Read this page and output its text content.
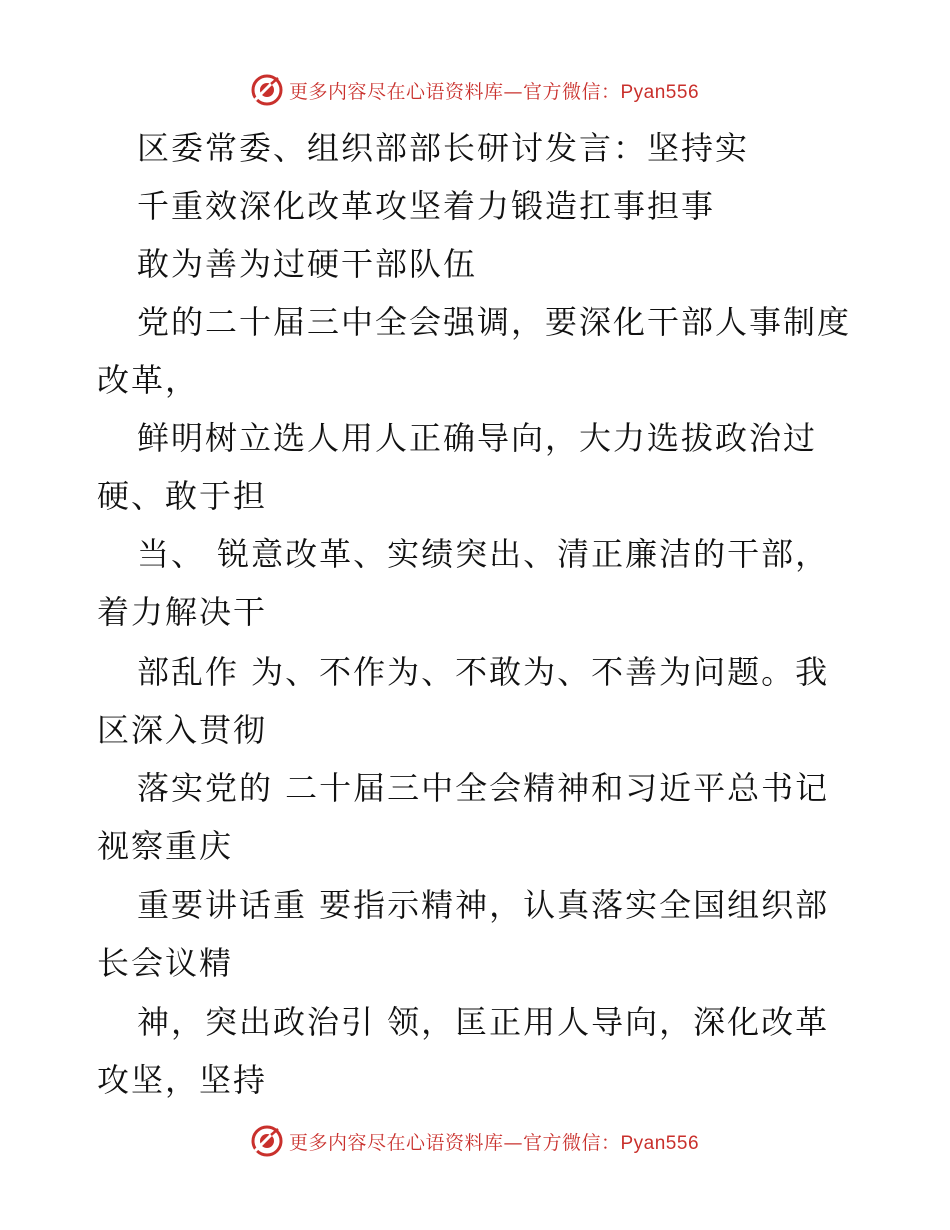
更多内容尽在心语资料库—官方微信：Pyan556
区委常委、组织部部长研讨发言：坚持实
千重效深化改革攻坚着力锻造扛事担事
敢为善为过硬干部队伍
党的二十届三中全会强调，要深化干部人事制度
改革，
鲜明树立选人用人正确导向，大力选拔政治过
硬、敢于担
当、 锐意改革、实绩突出、清正廉洁的干部，
着力解决干
部乱作 为、不作为、不敢为、不善为问题。我
区深入贯彻
落实党的 二十届三中全会精神和习近平总书记
视察重庆
重要讲话重 要指示精神，认真落实全国组织部
长会议精
神，突出政治引 领，匡正用人导向，深化改革
攻坚，坚持
更多内容尽在心语资料库—官方微信：Pyan556
